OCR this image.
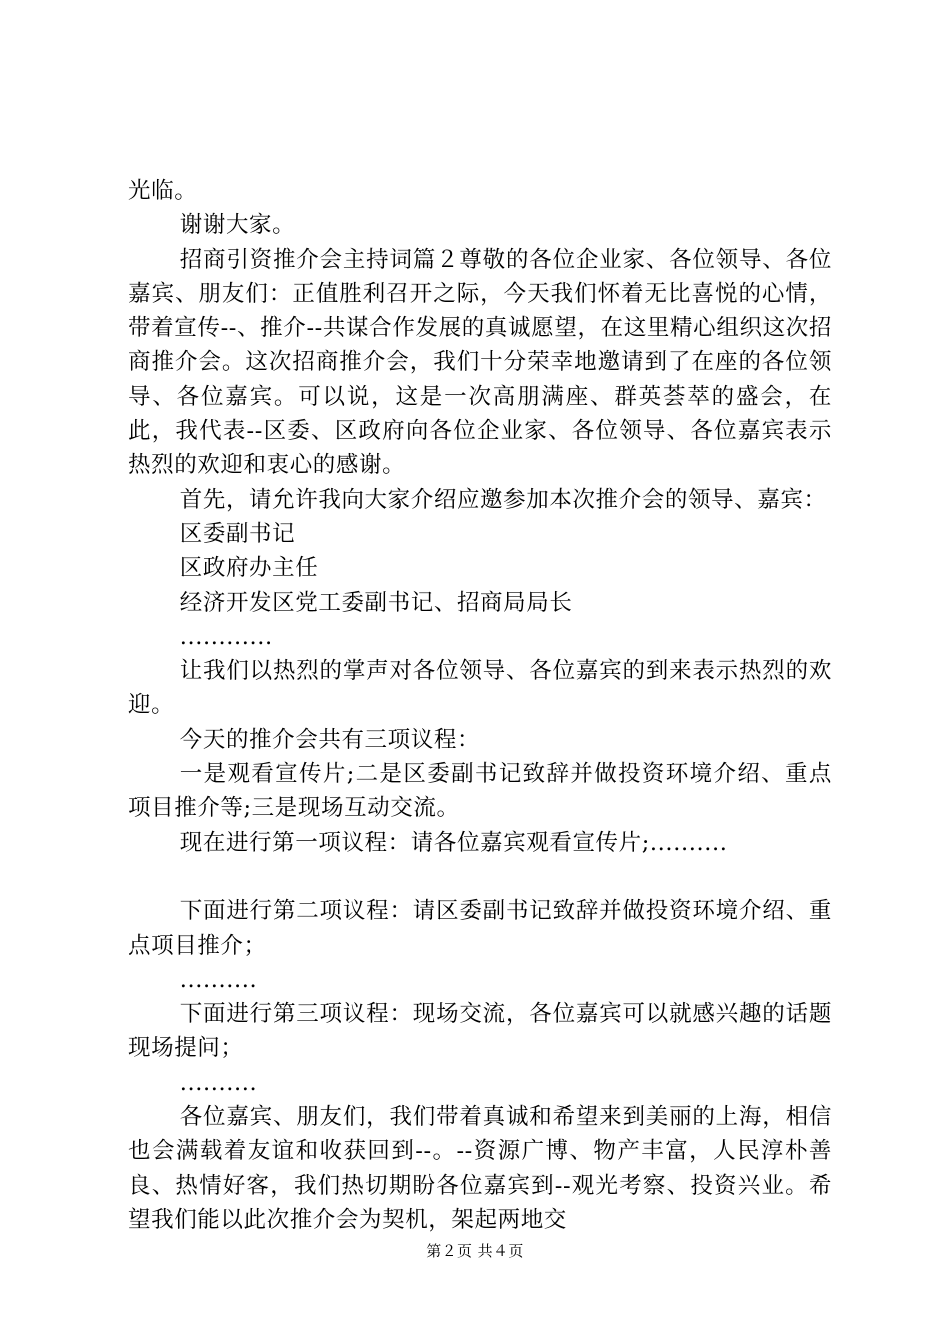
光临。

谢谢大家。

招商引资推介会主持词篇２尊敬的各位企业家、各位领导、各位嘉宾、朋友们：正值胜利召开之际，今天我们怀着无比喜悦的心情，带着宣传--、推介--共谋合作发展的真诚愿望，在这里精心组织这次招商推介会。这次招商推介会，我们十分荣幸地邀请到了在座的各位领导、各位嘉宾。可以说，这是一次高朋满座、群英荟萃的盛会，在此，我代表--区委、区政府向各位企业家、各位领导、各位嘉宾表示热烈的欢迎和衷心的感谢。

首先，请允许我向大家介绍应邀参加本次推介会的领导、嘉宾：

区委副书记

区政府办主任

经济开发区党工委副书记、招商局局长

............

让我们以热烈的掌声对各位领导、各位嘉宾的到来表示热烈的欢迎。

今天的推介会共有三项议程：

一是观看宣传片;二是区委副书记致辞并做投资环境介绍、重点项目推介等;三是现场互动交流。

现在进行第一项议程：请各位嘉宾观看宣传片;..........

下面进行第二项议程：请区委副书记致辞并做投资环境介绍、重点项目推介；

..........

下面进行第三项议程：现场交流，各位嘉宾可以就感兴趣的话题现场提问；

..........

各位嘉宾、朋友们，我们带着真诚和希望来到美丽的上海，相信也会满载着友谊和收获回到--。--资源广博、物产丰富，人民淳朴善良、热情好客，我们热切期盼各位嘉宾到--观光考察、投资兴业。希望我们能以此次推介会为契机，架起两地交

第２页 共４页
